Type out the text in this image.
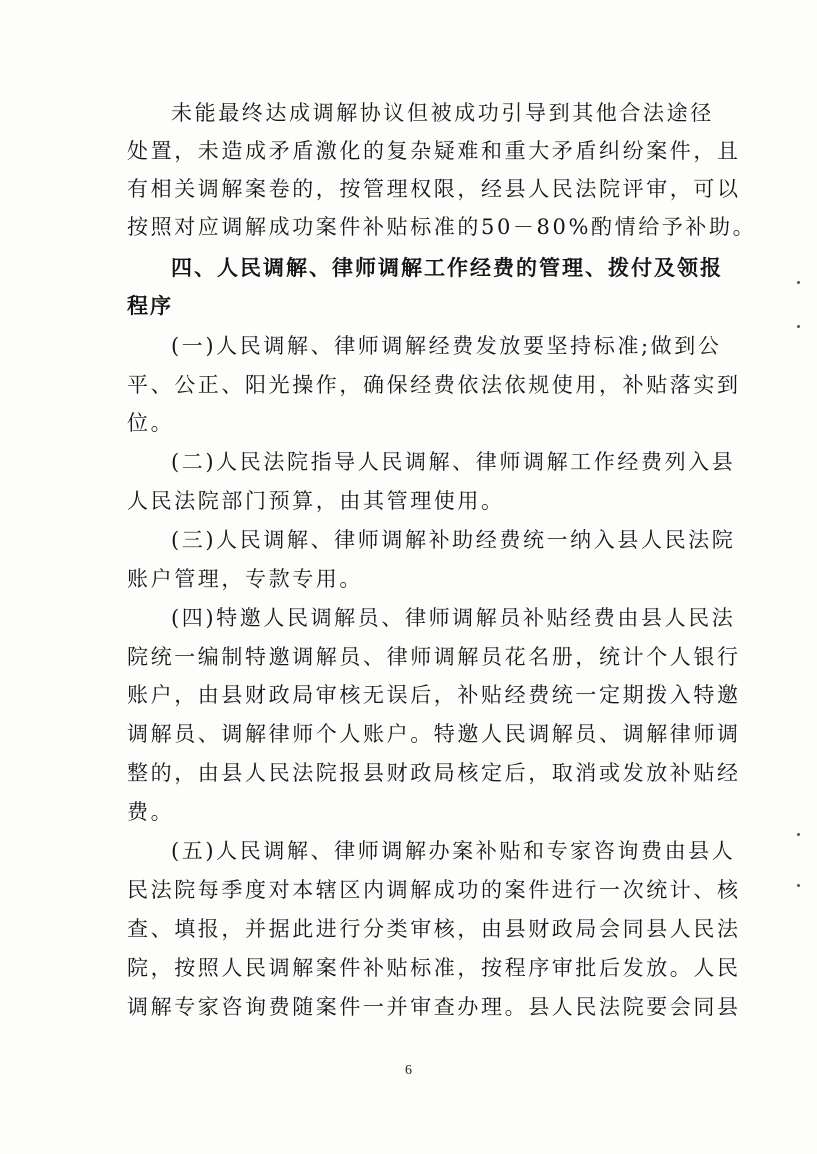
未能最终达成调解协议但被成功引导到其他合法途径
处置，未造成矛盾激化的复杂疑难和重大矛盾纠纷案件，且
有相关调解案卷的，按管理权限，经县人民法院评审，可以
按照对应调解成功案件补贴标准的50－80%酌情给予补助。
四、人民调解、律师调解工作经费的管理、拨付及领报
程序
(一)人民调解、律师调解经费发放要坚持标准;做到公
平、公正、阳光操作，确保经费依法依规使用，补贴落实到
位。
(二)人民法院指导人民调解、律师调解工作经费列入县
人民法院部门预算，由其管理使用。
(三)人民调解、律师调解补助经费统一纳入县人民法院
账户管理，专款专用。
(四)特邀人民调解员、律师调解员补贴经费由县人民法
院统一编制特邀调解员、律师调解员花名册，统计个人银行
账户，由县财政局审核无误后，补贴经费统一定期拨入特邀
调解员、调解律师个人账户。特邀人民调解员、调解律师调
整的，由县人民法院报县财政局核定后，取消或发放补贴经
费。
(五)人民调解、律师调解办案补贴和专家咨询费由县人
民法院每季度对本辖区内调解成功的案件进行一次统计、核
查、填报，并据此进行分类审核，由县财政局会同县人民法
院，按照人民调解案件补贴标准，按程序审批后发放。人民
调解专家咨询费随案件一并审查办理。县人民法院要会同县
6
